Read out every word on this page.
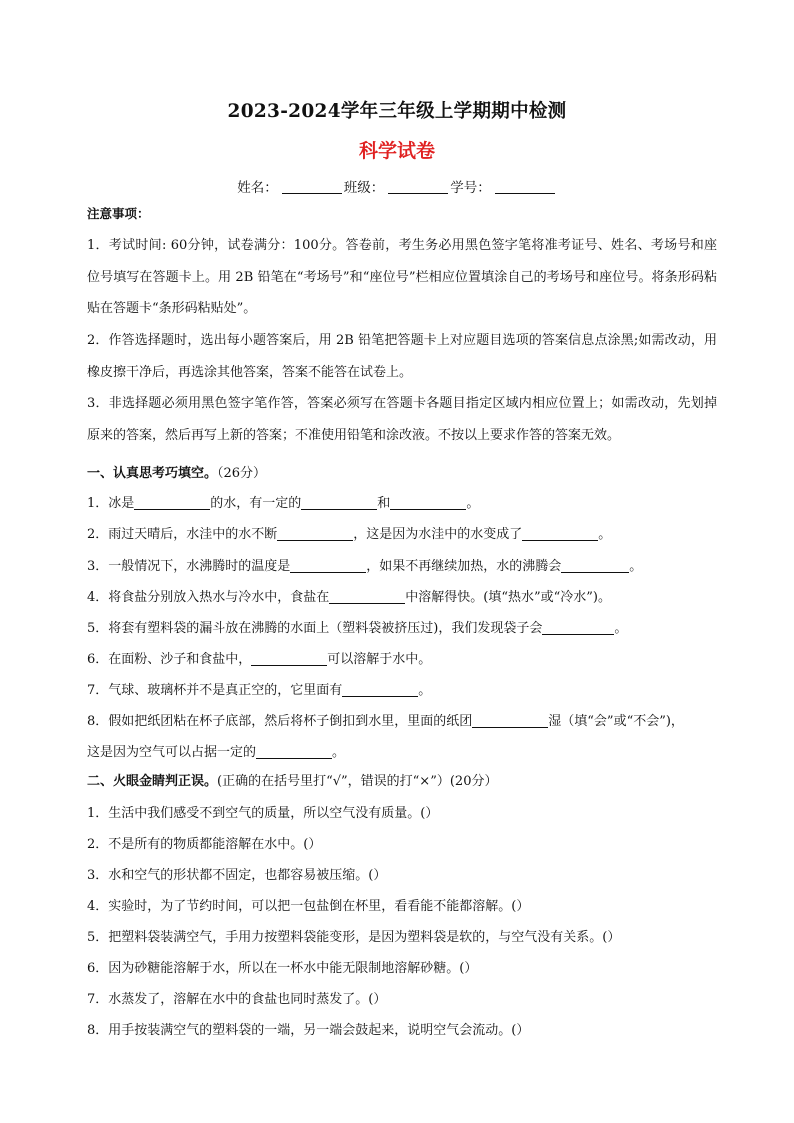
2023-2024学年三年级上学期期中检测
科学试卷
姓名：	班级：	学号：
注意事项：
1．考试时间: 60分钟，试卷满分：100分。答卷前，考生务必用黑色签字笔将准考证号、姓名、考场号和座位号填写在答题卡上。用 2B 铅笔在“考场号”和“座位号”栏相应位置填涂自己的考场号和座位号。将条形码粘贴在答题卡“条形码粘贴处”。
2．作答选择题时，选出每小题答案后，用 2B 铅笔把答题卡上对应题目选项的答案信息点涂黑;如需改动，用橡皮擦干净后，再选涂其他答案，答案不能答在试卷上。
3．非选择题必须用黑色签字笔作答，答案必须写在答题卡各题目指定区域内相应位置上；如需改动，先划掉原来的答案，然后再写上新的答案；不准使用铅笔和涂改液。不按以上要求作答的答案无效。
一、认真思考巧填空。（26分）
1．冰是	的水，有一定的	和	。
2．雨过天晴后，水洼中的水不断	，这是因为水洼中的水变成了	。
3．一般情况下，水沸腾时的温度是	，如果不再继续加热，水的沸腾会	。
4．将食盐分别放入热水与冷水中，食盐在	中溶解得快。(填“热水”或“冷水”)。
5．将套有塑料袋的漏斗放在沸腾的水面上（塑料袋被挤压过)，我们发现袋子会	。
6．在面粉、沙子和食盐中，	可以溶解于水中。
7．气球、玻璃杯并不是真正空的，它里面有	。
8．假如把纸团粘在杯子底部，然后将杯子倒扣到水里，里面的纸团	湿（填“会”或“不会”)，
这是因为空气可以占据一定的	。
二、火眼金睛判正误。(正确的在括号里打“√”，错误的打“×”）(20分）
1．生活中我们感受不到空气的质量，所以空气没有质量。(）
2．不是所有的物质都能溶解在水中。(）
3．水和空气的形状都不固定，也都容易被压缩。(）
4．实验时，为了节约时间，可以把一包盐倒在杯里，看看能不能都溶解。(）
5．把塑料袋装满空气，手用力按塑料袋能变形，是因为塑料袋是软的，与空气没有关系。(）
6．因为砂糖能溶解于水，所以在一杯水中能无限制地溶解砂糖。(）
7．水蒸发了，溶解在水中的食盐也同时蒸发了。(）
8．用手按装满空气的塑料袋的一端，另一端会鼓起来，说明空气会流动。(）
